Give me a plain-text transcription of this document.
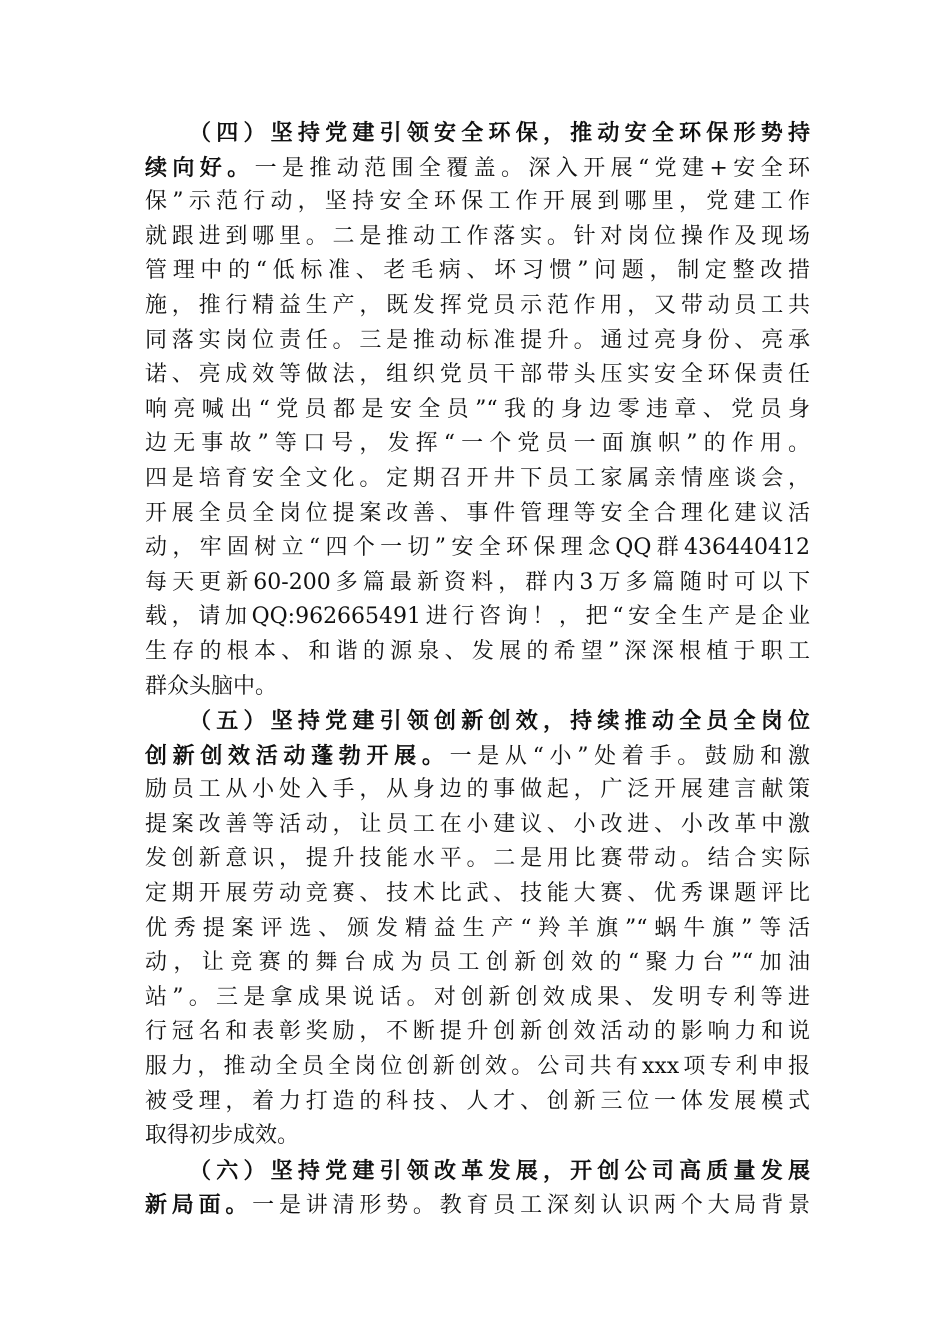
（四）坚持党建引领安全环保，推动安全环保形势持
续向好。一是推动范围全覆盖。深入开展“党建+安全环
保”示范行动，坚持安全环保工作开展到哪里，党建工作
就跟进到哪里。二是推动工作落实。针对岗位操作及现场
管理中的“低标准、老毛病、坏习惯”问题，制定整改措
施，推行精益生产，既发挥党员示范作用，又带动员工共
同落实岗位责任。三是推动标准提升。通过亮身份、亮承
诺、亮成效等做法，组织党员干部带头压实安全环保责任
响亮喊出“党员都是安全员”“我的身边零违章、党员身
边无事故”等口号，发挥“一个党员一面旗帜”的作用。
四是培育安全文化。定期召开井下员工家属亲情座谈会，
开展全员全岗位提案改善、事件管理等安全合理化建议活
动，牢固树立“四个一切”安全环保理念QQ群436440412
每天更新60-200多篇最新资料，群内3万多篇随时可以下
载，请加QQ:962665491进行咨询！，把“安全生产是企业
生存的根本、和谐的源泉、发展的希望”深深根植于职工
群众头脑中。
（五）坚持党建引领创新创效，持续推动全员全岗位
创新创效活动蓬勃开展。一是从“小”处着手。鼓励和激
励员工从小处入手，从身边的事做起，广泛开展建言献策
提案改善等活动，让员工在小建议、小改进、小改革中激
发创新意识，提升技能水平。二是用比赛带动。结合实际
定期开展劳动竞赛、技术比武、技能大赛、优秀课题评比
优秀提案评选、颁发精益生产“羚羊旗”“蜗牛旗”等活
动，让竞赛的舞台成为员工创新创效的“聚力台”“加油
站”。三是拿成果说话。对创新创效成果、发明专利等进
行冠名和表彰奖励，不断提升创新创效活动的影响力和说
服力，推动全员全岗位创新创效。公司共有xxx项专利申报
被受理，着力打造的科技、人才、创新三位一体发展模式
取得初步成效。
（六）坚持党建引领改革发展，开创公司高质量发展
新局面。一是讲清形势。教育员工深刻认识两个大局背景
